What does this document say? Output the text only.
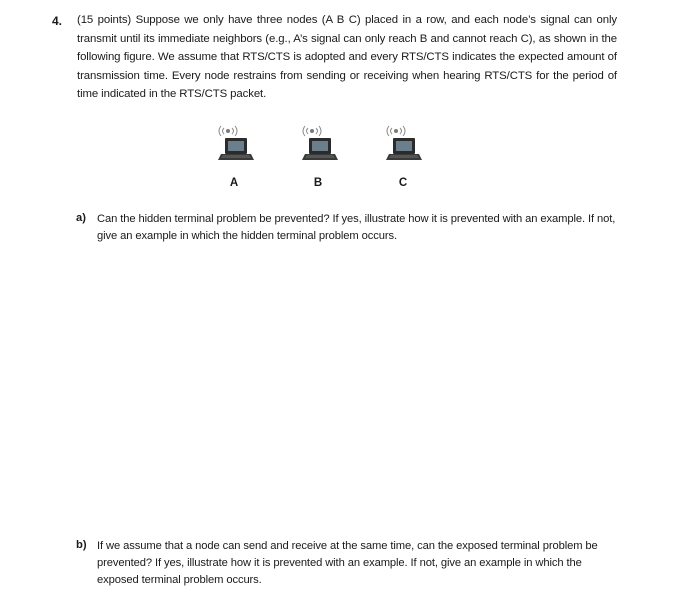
4. (15 points) Suppose we only have three nodes (A B C) placed in a row, and each node’s signal can only transmit until its immediate neighbors (e.g., A’s signal can only reach B and cannot reach C), as shown in the following figure. We assume that RTS/CTS is adopted and every RTS/CTS indicates the expected amount of transmission time. Every node restrains from sending or receiving when hearing RTS/CTS for the period of time indicated in the RTS/CTS packet.
A	B	C
a) Can the hidden terminal problem be prevented? If yes, illustrate how it is prevented with an example. If not, give an example in which the hidden terminal problem occurs.
b) If we assume that a node can send and receive at the same time, can the exposed terminal problem be prevented? If yes, illustrate how it is prevented with an example. If not, give an example in which the exposed terminal problem occurs.
